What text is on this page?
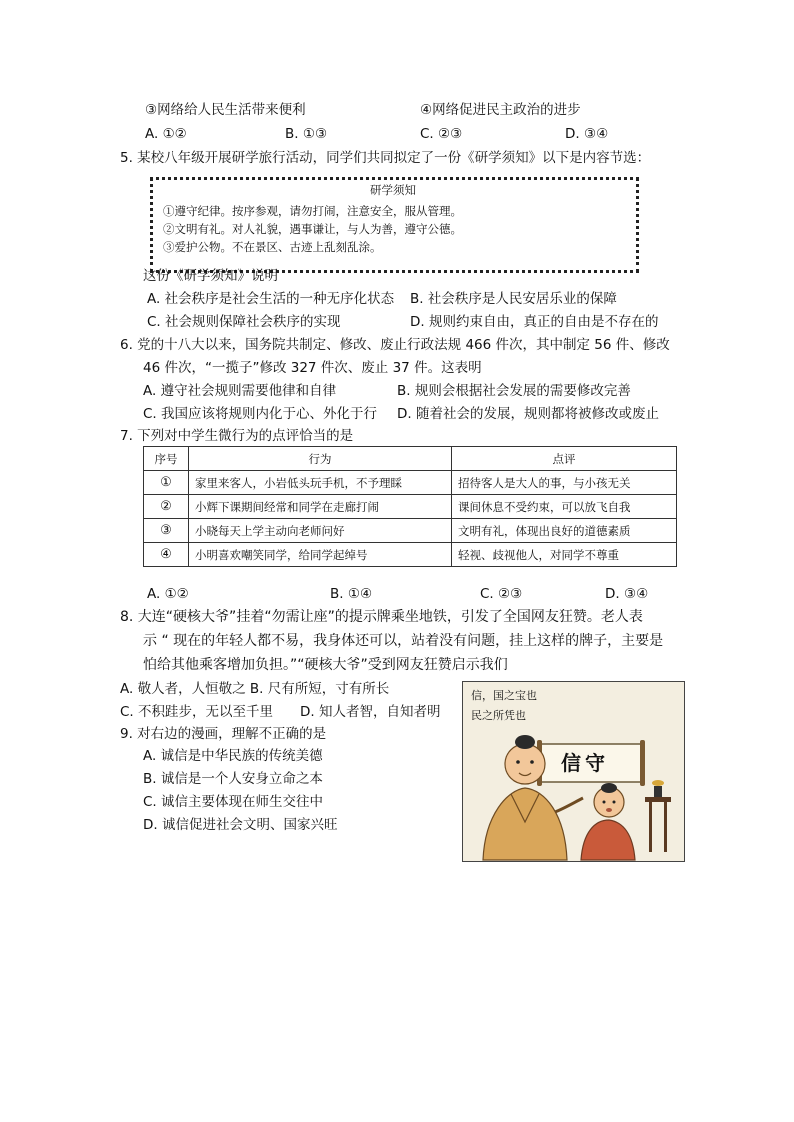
③网络给人民生活带来便利	④网络促进民主政治的进步
A. ①②	B. ①③	C. ②③	D. ③④
5. 某校八年级开展研学旅行活动，同学们共同拟定了一份《研学须知》以下是内容节选：
研学须知
①遵守纪律。按序参观，请勿打闹，注意安全，服从管理。
②文明有礼。对人礼貌，遇事谦让，与人为善，遵守公德。
③爱护公物。不在景区、古迹上乱刻乱涂。
这份《研学须知》说明
A. 社会秩序是社会生活的一种无序化状态 B. 社会秩序是人民安居乐业的保障
C. 社会规则保障社会秩序的实现	D. 规则约束自由，真正的自由是不存在的
6. 党的十八大以来，国务院共制定、修改、废止行政法规 466 件次，其中制定 56 件、修改
46 件次，“一揽子”修改 327 件次、废止 37 件。这表明
A. 遵守社会规则需要他律和自律	B. 规则会根据社会发展的需要修改完善
C. 我国应该将规则内化于心、外化于行 D. 随着社会的发展，规则都将被修改或废止
7. 下列对中学生微行为的点评恰当的是
序号	行为	点评
①	家里来客人，小岩低头玩手机，不予理睬	招待客人是大人的事，与小孩无关
②	小辉下课期间经常和同学在走廊打闹	课间休息不受约束，可以放飞自我
③	小晓每天上学主动向老师问好	文明有礼，体现出良好的道德素质
④	小明喜欢嘲笑同学，给同学起绰号	轻视、歧视他人，对同学不尊重
A. ①②	B. ①④	C. ②③	D. ③④
8. 大连“硬核大爷”挂着“勿需让座”的提示牌乘坐地铁，引发了全国网友狂赞。老人表
示 “ 现在的年轻人都不易，我身体还可以，站着没有问题，挂上这样的牌子，主要是
怕给其他乘客增加负担。”“硬核大爷”受到网友狂赞启示我们
A. 敬人者，人恒敬之 B. 尺有所短，寸有所长
C. 不积跬步，无以至千里　　D. 知人者智，自知者明
9. 对右边的漫画，理解不正确的是
A. 诚信是中华民族的传统美德
B. 诚信是一个人安身立命之本
C. 诚信主要体现在师生交往中
D. 诚信促进社会文明、国家兴旺
信，国之宝也
民之所凭也
信守
